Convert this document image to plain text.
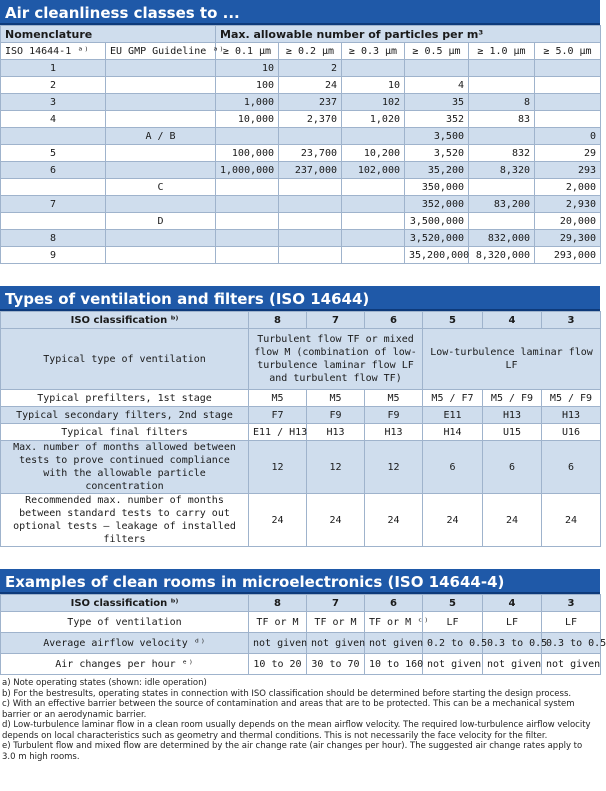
Air cleanliness classes to ...
Nomenclature		Max. allowable number of particles per m³					
ISO 14644-1 ᵃ⁾	EU GMP Guideline ᵃ⁾	≥ 0.1 µm	≥ 0.2 µm	≥ 0.3 µm	≥ 0.5 µm	≥ 1.0 µm	≥ 5.0 µm
1		10	2				
2		100	24	10	4		
3		1,000	237	102	35	8	
4		10,000	2,370	1,020	352	83	
	A / B				3,500		0
5		100,000	23,700	10,200	3,520	832	29
6		1,000,000	237,000	102,000	35,200	8,320	293
	C				350,000		2,000
7					352,000	83,200	2,930
	D				3,500,000		20,000
8					3,520,000	832,000	29,300
9					35,200,000	8,320,000	293,000
Types of ventilation and filters (ISO 14644)
ISO classification ᵇ⁾	8	7	6	5	4	3
Typical type of ventilation	Turbulent flow TF or mixed flow M (combination of low-turbulence laminar flow LF and turbulent flow TF)			Low-turbulence laminar flow LF		
Typical prefilters, 1st stage	M5	M5	M5	M5 / F7	M5 / F9	M5 / F9
Typical secondary filters, 2nd stage	F7	F9	F9	E11	H13	H13
Typical final filters	E11 / H13	H13	H13	H14	U15	U16
Max. number of months allowed between tests to prove continued compliance with the allowable particle concentration	12	12	12	6	6	6
Recommended max. number of months between standard tests to carry out optional tests – leakage of installed filters	24	24	24	24	24	24
Examples of clean rooms in microelectronics (ISO 14644-4)
ISO classification ᵇ⁾	8	7	6	5	4	3
Type of ventilation	TF or M	TF or M	TF or M ᶜ⁾	LF	LF	LF
Average airflow velocity ᵈ⁾	not given	not given	not given	0.2 to 0.5	0.3 to 0.5	0.3 to 0.5
Air changes per hour ᵉ⁾	10 to 20	30 to 70	10 to 160	not given	not given	not given
a) Note operating states (shown: idle operation)
b) For the bestresults, operating states in connection with ISO classification should be determined before starting the design process.
c) With an effective barrier between the source of contamination and areas that are to be protected. This can be a mechanical system barrier or an aerodynamic barrier.
d) Low-turbulence laminar flow in a clean room usually depends on the mean airflow velocity. The required low-turbulence airflow velocity depends on local characteristics such as geometry and thermal conditions. This is not necessarily the face velocity for the filter.
e) Turbulent flow and mixed flow are determined by the air change rate (air changes per hour). The suggested air change rates apply to 3.0 m high rooms.
